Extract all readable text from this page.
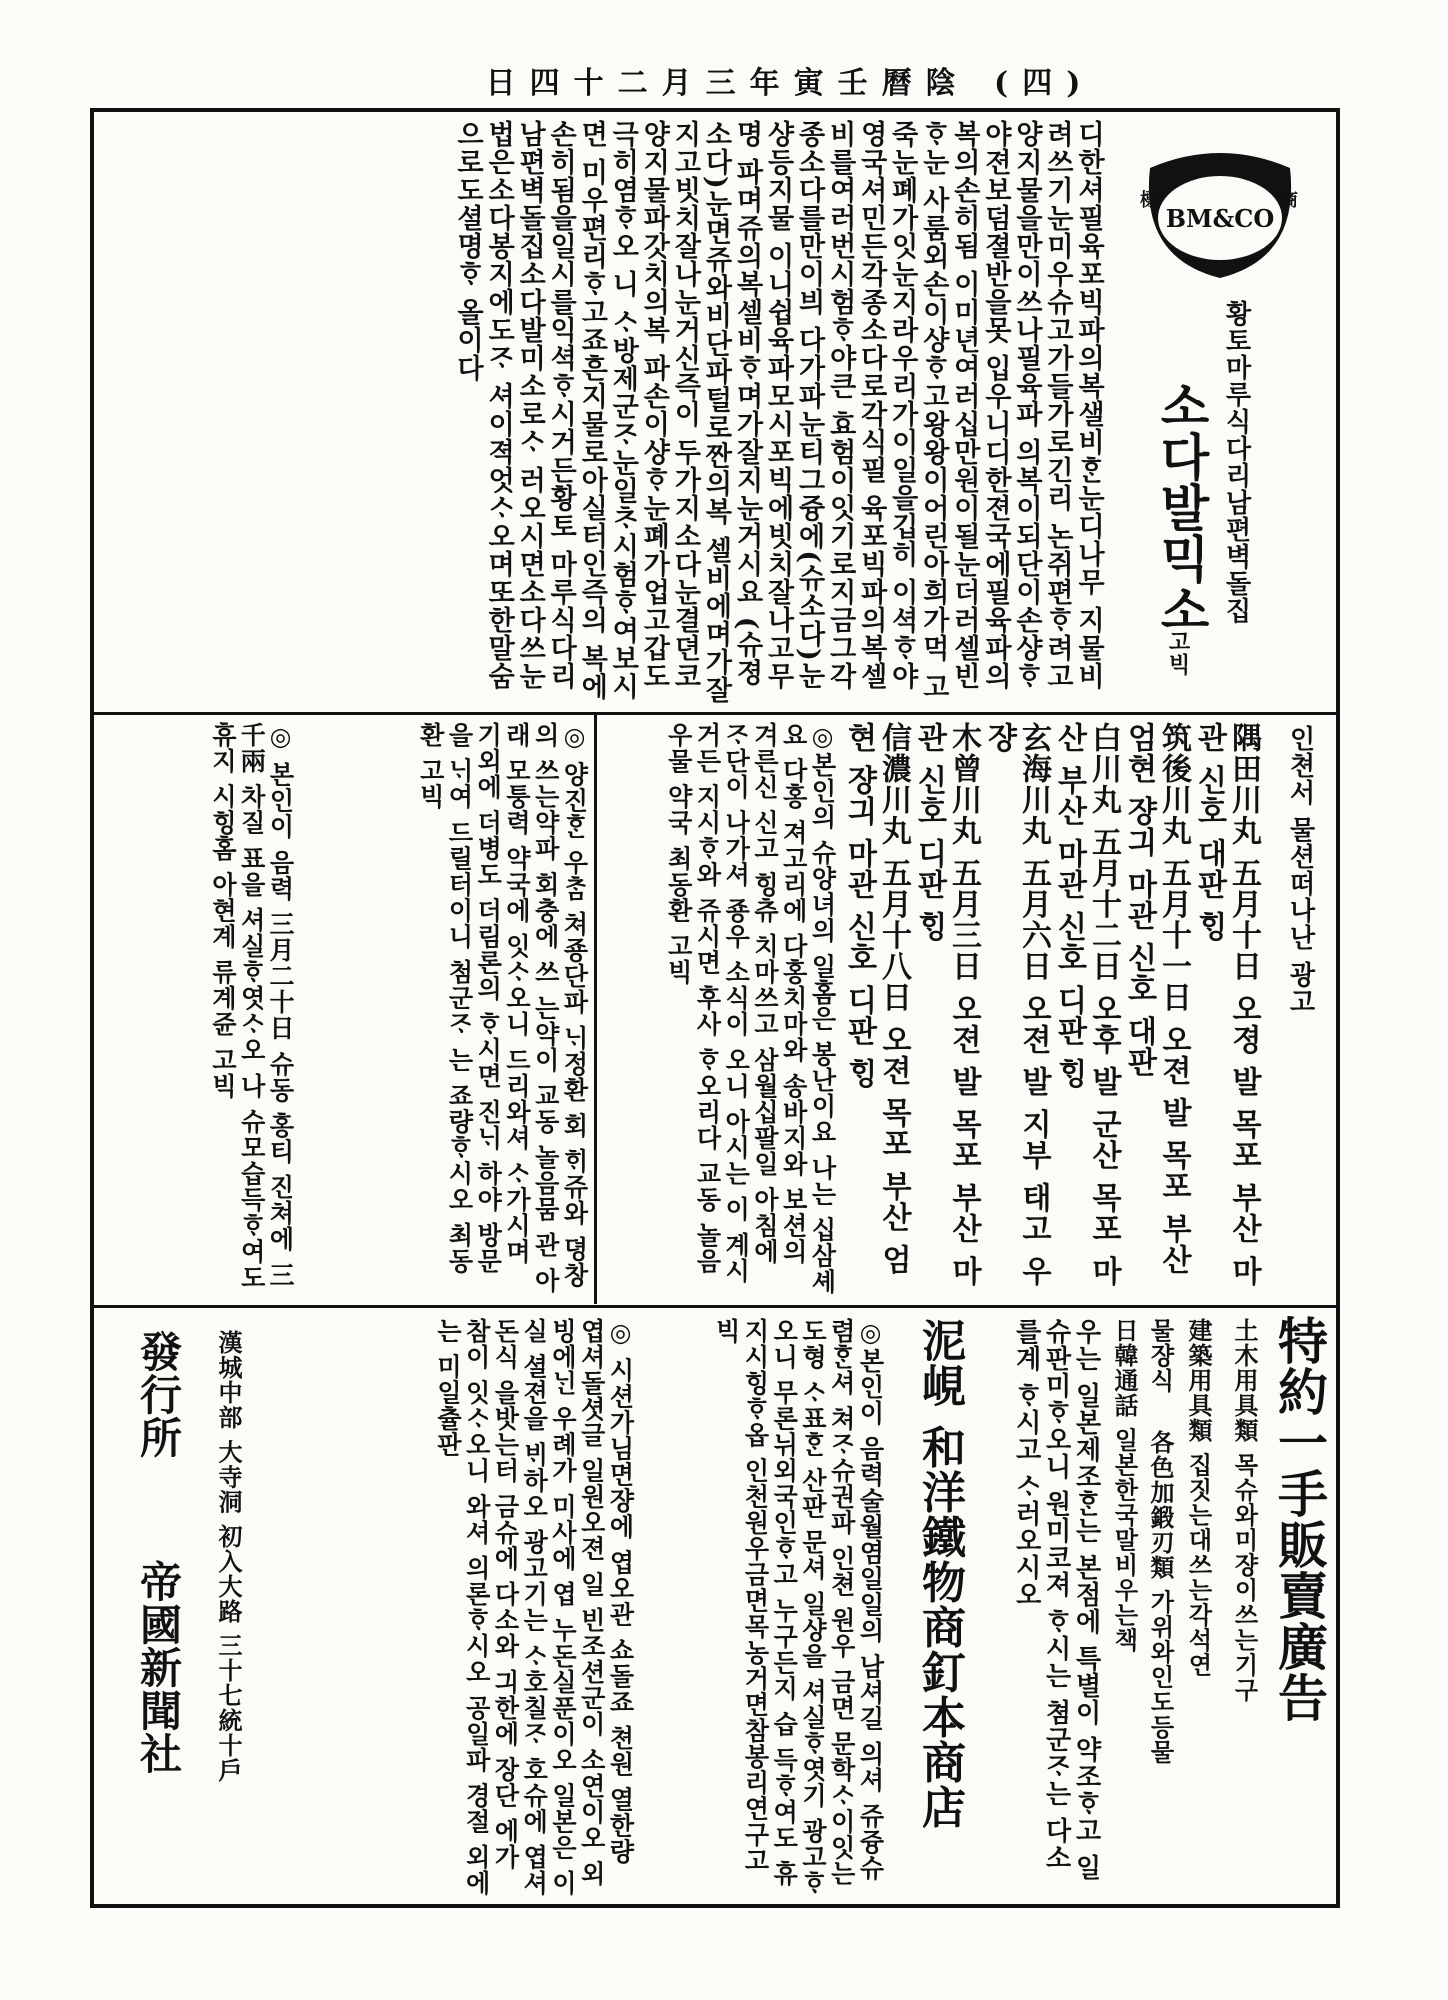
日四十二月三年寅壬曆陰 (四)
BM&CO
標	商
황토마루식다리남편벽돌집
소다발믹소
고빅
디한셔필육포빅파의복샐비ᄒᆞᆫ눈디나무 지물비려쓰기눈미우슈고가들가로긴리 논쥐편ᄒᆞ려고양지물을만이쓰나필육파 의복이되단이손샹ᄒᆞ야젼보덤졀반을못 입우니디한젼국에필육파의복의손히됨 이미년여러십만원이될눈더러셀빈ᄒᆞ눈 사룸외손이샹ᄒᆞ고왕왕이어린아희가먹 고죽눈폐가잇눈지라우리가이일을깁히 이셕ᄒᆞ야영국셔민든각종소다로각식필 육포빅파의복셀비를여러번시험ᄒᆞ야큰 효험이잇기로지금그각종소다를만이븨 다가파눈티그즁에(슈소다)눈샹등지물 이니쉽육파모시포빅에빗치잘나고무명 파며쥬의복셀비ᄒᆞ며가잘지눈거시요 (슈졍소다)눈면쥬와비단파털로짠의복 셀비에며가잘지고빗치잘나눈거신즉이 두가지소다눈결뎐코양지물파갓치의복 파손이샹ᄒᆞ눈폐가업고갑도극히염ᄒᆞ오 니 ᄉᆞ방제군ᄌᆞ눈일ᄎᆞ시험ᄒᆞ여보시면 미우편리ᄒᆞ고죠흔지물로아실터인즉의 복에손히됨을일시를익셕ᄒᆞ시거든황토 마루식다리남편벽돌집소다발미소로ᄉᆞ 러오시면소다쓰눈법은소다봉지에도ᄌᆞ 셔이젹엇ᄉᆞ오며또한말숨으로도셜명ᄒᆞ 올이다
인쳔서 물션떠나난 광고
隅田川丸 五月十日 오졍 발 목포 부산 마관 신호 대판 ᄒᆡᆼ
筑後川丸 五月十一日 오젼 발 목포 부산 엄현 쟝긔 마관 신호 대판
白川丸 五月十二日 오후 발 군산 목포 마산 부산 마관 신호 디판 ᄒᆡᆼ
玄海川丸 五月六日 오젼 발 지부 태고 우쟝
木曾川丸 五月三日 오젼 발 목포 부산 마관 신호 디판 ᄒᆡᆼ
信濃川丸 五月十八日 오젼 목포 부산 엄현 쟝긔 마관 신호 디판 ᄒᆡᆼ
◎본인의 슈양녀의 일홈은 봉난이요 나는 십삼셰요 다홍 져고리에 다홍치마와 송바지와 보션의 겨른신 신고 힝츄 치마쓰고 삼월십팔일 아침에 ᄌᆞ단이 나가셔 죵우 소식이 오니 아시는 이 계시거든 지시ᄒᆞ와 쥬시면 후사 ᄒᆞ오리다 교동 놀음우물 약국 최동환 고빅
◎ 양진ᄒᆞᆫ 우ᄎᆞᆷ 쳐죵단파 ᄂᆡ정환 회 ᄒᆡ쥬와 뎡창의 쓰는약파 회충에 쓰 는약이 교동 놀음뭄 관 아래 모퉁력 약국에 잇ᄉᆞ오니 드리와셔 ᄉᆞ가시며 기외에 더병도 더림론의 ᄒᆞ시면 진ᄂᆡ 하야 방문을 ᄂᆡ여 드릴터이니 첨군ᄌᆞ 는 죠량ᄒᆞ시오 최동환 고빅
◎ 본인이 음력 三月二十日 슈동 홍티 진쳐에 三千兩 차질 표을 셔실ᄒᆞ엿ᄉᆞ오 나 슈모습득ᄒᆞ여도 휴지 시힝홈 아현계 류계쥰 고빅
特約一手販賣廣告
土木用具類 목슈와미쟝이쓰는기구
建築用具類 집짓는대쓰는각석연
물쟝식
各色加鍛刃類 가위와인도등물
日韓通話 일본한국말비우는책
우는 일본제조ᄒᆞᆫ는 본점에 특별이 약조ᄒᆞ고 일슈판미ᄒᆞ오니 원미코져 ᄒᆞ시는 쳠군ᄌᆞ는 다소를계 ᄒᆞ시고 ᄉᆞ러오시오
泥峴 和洋鐵物商釘本商店
◎본인이 음력술월염일일의 남셔길 의셔 쥬즁슈렴ᄒᆞᆫ셔 쳐ᄌᆞ슈권파 인쳔 원우 금면 문학ᄉᆞ이잇는 도형 ᄉᆞ표ᄒᆞᆫ 산판 문셔 일샹을 셔실ᄒᆞ엿기 광고ᄒᆞ 오니 무론뉘외국인ᄒᆞ고 누구든지 습 득ᄒᆞ여도 휴지시힝ᄒᆞ옵 인천원우금면목농거면참봉리연구고빅
◎ 시션가님면쟝에 엽오관 쇼돌죠 쳔원 열한량 엽셔돌셧글 일원오젼 일 빈조션군이 소연이오 외빙에ᄂᆡᆫ 우례가 미사에 엽 누돈실푼이오 일본은 이실 셜젼을 ᄇᆡ하오 광고기는 ᄉᆞ호칠ᄌᆞ 호슈에 엽셔돈식 을밧는터 금슈에 다소와 긔한에 장단 에가 참이 잇ᄉᆞ오니 와셔 의론ᄒᆞ시오 공일파 경절 외에는 미일츌판
漢城中部 大寺洞 初入大路 三十七統十戶
發行所
帝國新聞社
